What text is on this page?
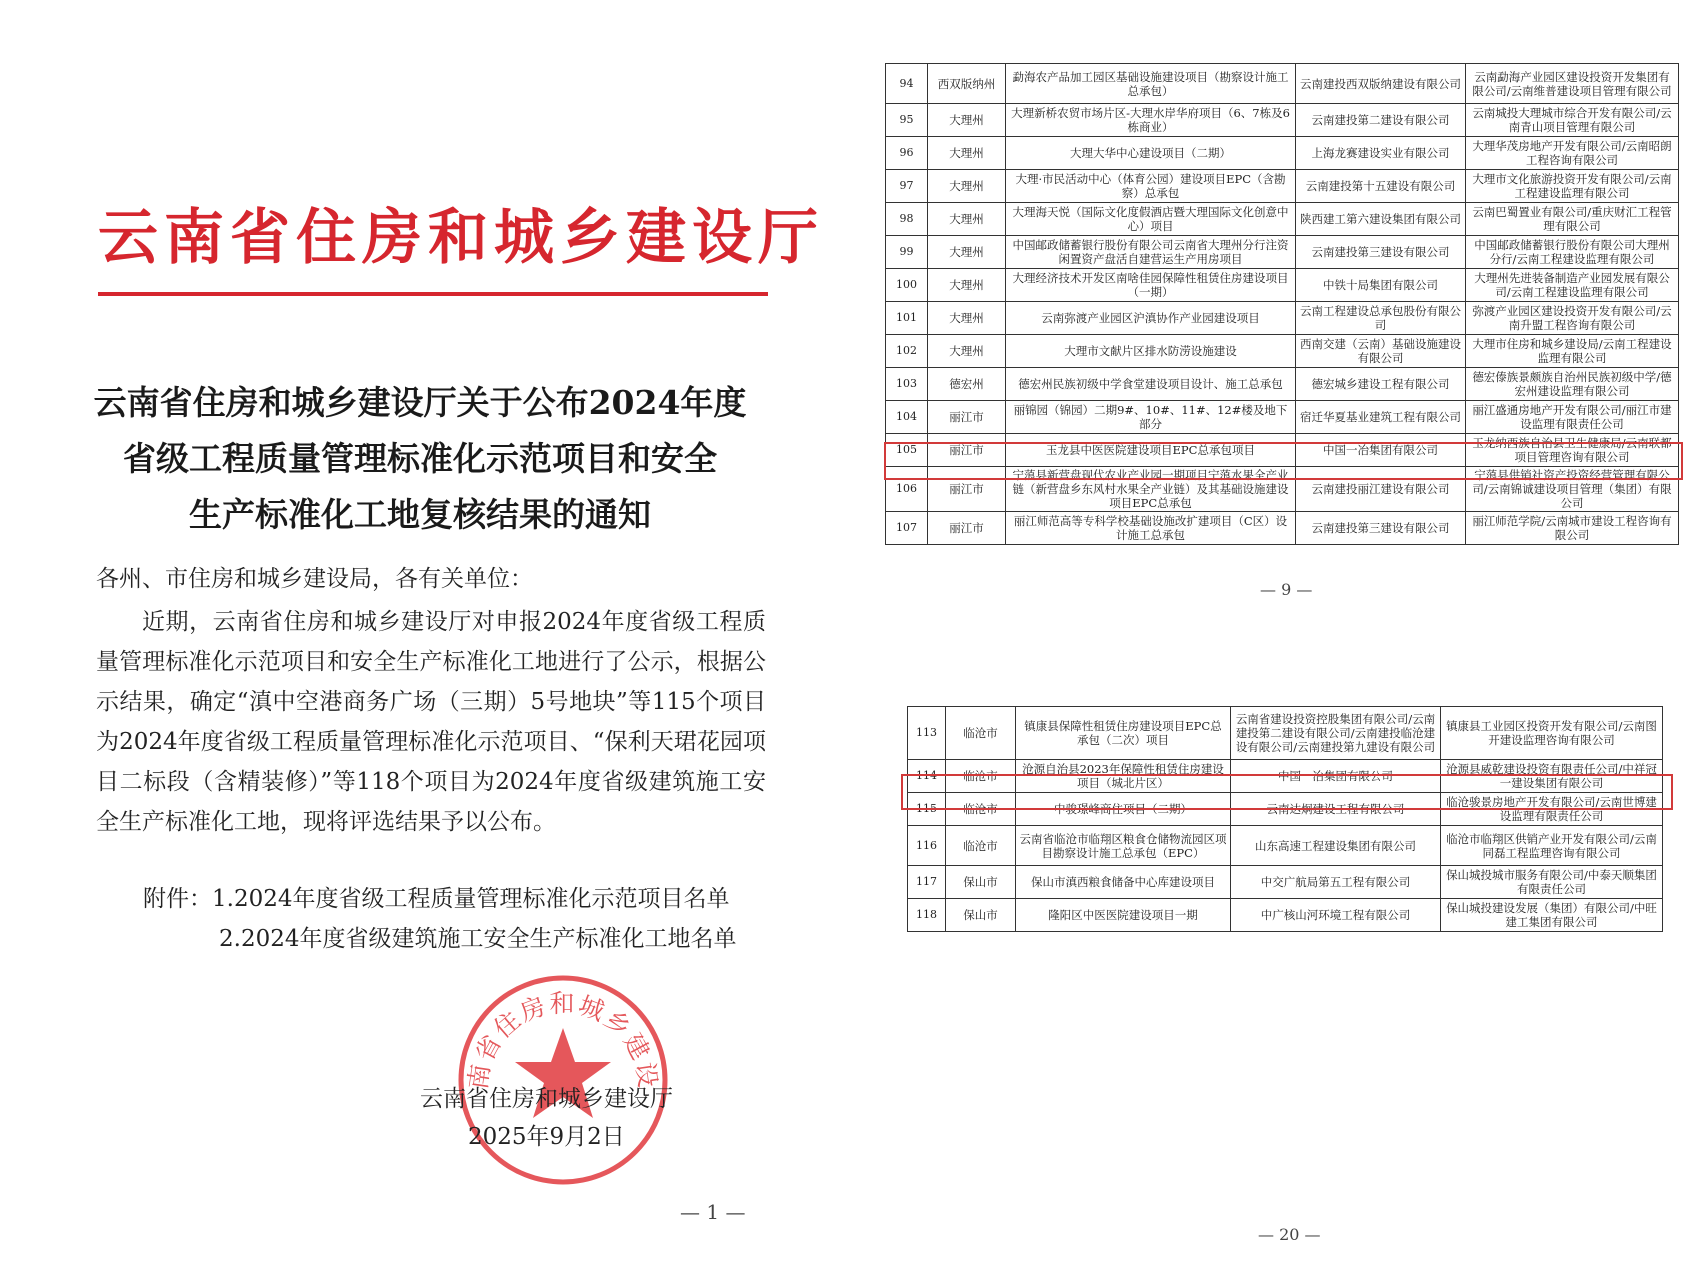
云南省住房和城乡建设厅
云南省住房和城乡建设厅关于公布2024年度
省级工程质量管理标准化示范项目和安全
生产标准化工地复核结果的通知
各州、市住房和城乡建设局，各有关单位：
近期，云南省住房和城乡建设厅对申报2024年度省级工程质量管理标准化示范项目和安全生产标准化工地进行了公示，根据公示结果，确定“滇中空港商务广场（三期）5号地块”等115个项目为2024年度省级工程质量管理标准化示范项目、“保利天珺花园项目二标段（含精装修）”等118个项目为2024年度省级建筑施工安全生产标准化工地，现将评选结果予以公布。
附件：1.2024年度省级工程质量管理标准化示范项目名单
2.2024年度省级建筑施工安全生产标准化工地名单
南省住房和城乡建设
云南省住房和城乡建设厅
2025年9月2日
— 1 —
94	西双版纳州	勐海农产品加工园区基础设施建设项目（勘察设计施工总承包）	云南建投西双版纳建设有限公司	云南勐海产业园区建设投资开发集团有限公司/云南维普建设项目管理有限公司
95	大理州	大理新桥农贸市场片区-大理水岸华府项目（6、7栋及6栋商业）	云南建投第二建设有限公司	云南城投大理城市综合开发有限公司/云南青山项目管理有限公司
96	大理州	大理大华中心建设项目（二期）	上海龙赛建设实业有限公司	大理华茂房地产开发有限公司/云南昭朗工程咨询有限公司
97	大理州	大理·市民活动中心（体育公园）建设项目EPC（含勘察）总承包	云南建投第十五建设有限公司	大理市文化旅游投资开发有限公司/云南工程建设监理有限公司
98	大理州	大理海天悦（国际文化度假酒店暨大理国际文化创意中心）项目	陕西建工第六建设集团有限公司	云南巴蜀置业有限公司/重庆财汇工程管理有限公司
99	大理州	中国邮政储蓄银行股份有限公司云南省大理州分行注资闲置资产盘活自建营运生产用房项目	云南建投第三建设有限公司	中国邮政储蓄银行股份有限公司大理州分行/云南工程建设监理有限公司
100	大理州	大理经济技术开发区南啥佳园保障性租赁住房建设项目（一期）	中铁十局集团有限公司	大理州先进装备制造产业园发展有限公司/云南工程建设监理有限公司
101	大理州	云南弥渡产业园区沪滇协作产业园建设项目	云南工程建设总承包股份有限公司	弥渡产业园区建设投资开发有限公司/云南升盟工程咨询有限公司
102	大理州	大理市文献片区排水防涝设施建设	西南交建（云南）基础设施建设有限公司	大理市住房和城乡建设局/云南工程建设监理有限公司
103	德宏州	德宏州民族初级中学食堂建设项目设计、施工总承包	德宏城乡建设工程有限公司	德宏傣族景颇族自治州民族初级中学/德宏州建设监理有限公司
104	丽江市	丽锦园（锦园）二期9#、10#、11#、12#楼及地下部分	宿迁华夏基业建筑工程有限公司	丽江盛通房地产开发有限公司/丽江市建设监理有限责任公司
105	丽江市	玉龙县中医医院建设项目EPC总承包项目	中国一冶集团有限公司	玉龙纳西族自治县卫生健康局/云南联都项目管理咨询有限公司
106	丽江市	宁蒗县新营盘现代农业产业园一期项目宁蒗水果全产业链（新营盘乡东风村水果全产业链）及其基础设施建设项目EPC总承包	云南建投丽江建设有限公司	宁蒗县供销社资产投资经营管理有限公司/云南锦诚建设项目管理（集团）有限公司
107	丽江市	丽江师范高等专科学校基础设施改扩建项目（C区）设计施工总承包	云南建投第三建设有限公司	丽江师范学院/云南城市建设工程咨询有限公司
— 9 —
113	临沧市	镇康县保障性租赁住房建设项目EPC总承包（二次）项目	云南省建设投资控股集团有限公司/云南建投第二建设有限公司/云南建投临沧建设有限公司/云南建投第九建设有限公司	镇康县工业园区投资开发有限公司/云南图开建设监理咨询有限公司
114	临沧市	沧源自治县2023年保障性租赁住房建设项目（城北片区）	中国一冶集团有限公司	沧源县威乾建设投资有限责任公司/中祥冠一建设集团有限公司
115	临沧市	中骏璟峰商住项目（二期）	云南达炯建设工程有限公司	临沧骏景房地产开发有限公司/云南世博建设监理有限责任公司
116	临沧市	云南省临沧市临翔区粮食仓储物流园区项目勘察设计施工总承包（EPC）	山东高速工程建设集团有限公司	临沧市临翔区供销产业开发有限公司/云南同磊工程监理咨询有限公司
117	保山市	保山市滇西粮食储备中心库建设项目	中交广航局第五工程有限公司	保山城投城市服务有限公司/中泰天顺集团有限责任公司
118	保山市	隆阳区中医医院建设项目一期	中广核山河环境工程有限公司	保山城投建设发展（集团）有限公司/中旺建工集团有限公司
— 20 —
